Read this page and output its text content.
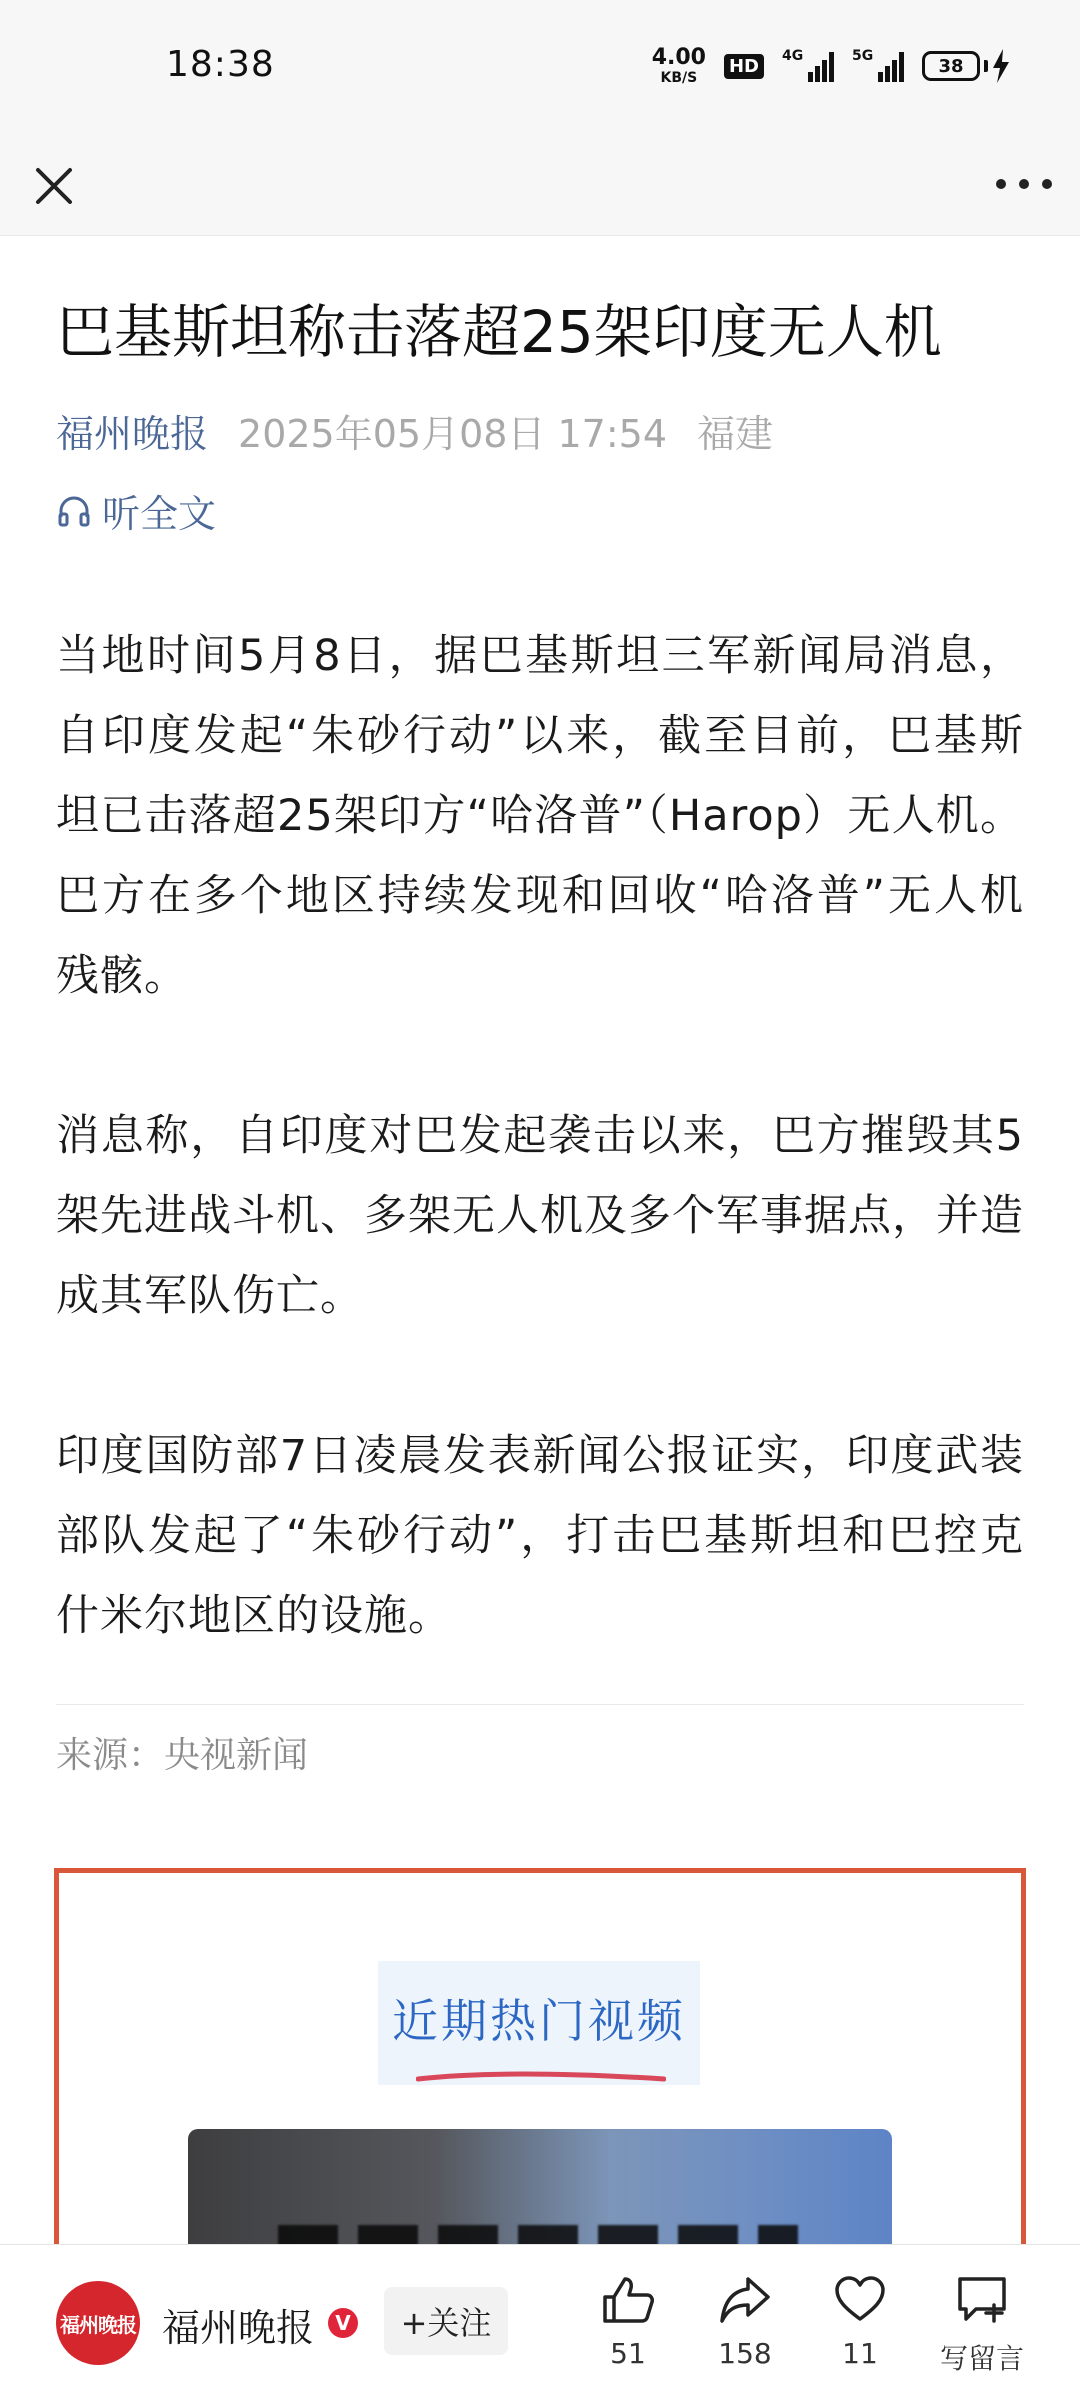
18:38	4.00
KB/S
HD	4G	5G	38
巴基斯坦称击落超25架印度无人机
福州晚报 2025年05月08日 17:54 福建
听全文

当地时间5月8日，据巴基斯坦三军新闻局消息，自印度发起“朱砂行动”以来，截至目前，巴基斯坦已击落超25架印方“哈洛普”（Harop）无人机。巴方在多个地区持续发现和回收“哈洛普”无人机残骸。

消息称，自印度对巴发起袭击以来，巴方摧毁其5架先进战斗机、多架无人机及多个军事据点，并造成其军队伤亡。

印度国防部7日凌晨发表新闻公报证实，印度武装部队发起了“朱砂行动”，打击巴基斯坦和巴控克什米尔地区的设施。

来源：央视新闻
近期热门视频
福州晚报 福州晚报	V	+关注
51	158	11 写留言
